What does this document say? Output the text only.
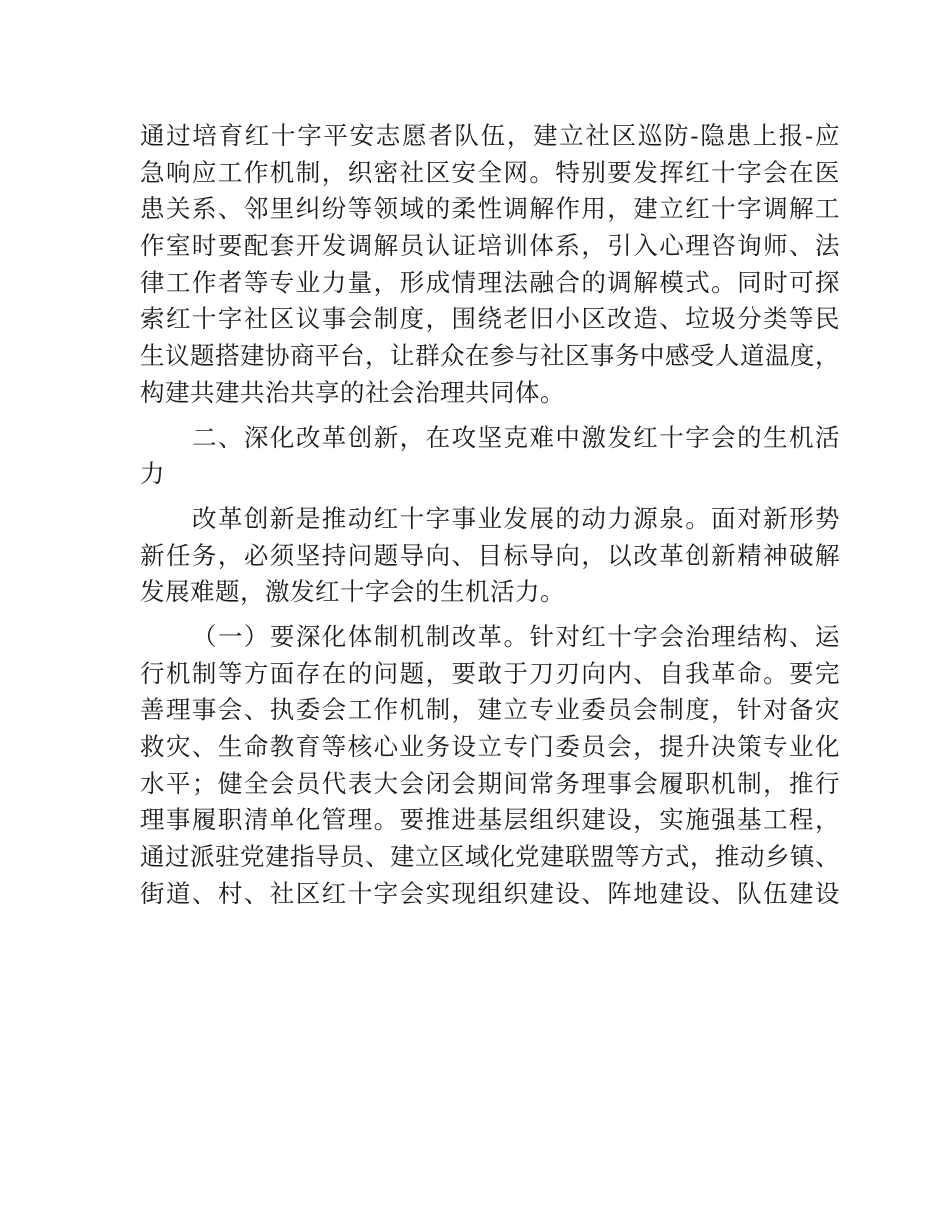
通过培育红十字平安志愿者队伍，建立社区巡防-隐患上报-应
急响应工作机制，织密社区安全网。特别要发挥红十字会在医
患关系、邻里纠纷等领域的柔性调解作用，建立红十字调解工
作室时要配套开发调解员认证培训体系，引入心理咨询师、法
律工作者等专业力量，形成情理法融合的调解模式。同时可探
索红十字社区议事会制度，围绕老旧小区改造、垃圾分类等民
生议题搭建协商平台，让群众在参与社区事务中感受人道温度，
构建共建共治共享的社会治理共同体。
二、深化改革创新，在攻坚克难中激发红十字会的生机活
力
改革创新是推动红十字事业发展的动力源泉。面对新形势
新任务，必须坚持问题导向、目标导向，以改革创新精神破解
发展难题，激发红十字会的生机活力。
（一）要深化体制机制改革。针对红十字会治理结构、运
行机制等方面存在的问题，要敢于刀刃向内、自我革命。要完
善理事会、执委会工作机制，建立专业委员会制度，针对备灾
救灾、生命教育等核心业务设立专门委员会，提升决策专业化
水平；健全会员代表大会闭会期间常务理事会履职机制，推行
理事履职清单化管理。要推进基层组织建设，实施强基工程，
通过派驻党建指导员、建立区域化党建联盟等方式，推动乡镇、
街道、村、社区红十字会实现组织建设、阵地建设、队伍建设
